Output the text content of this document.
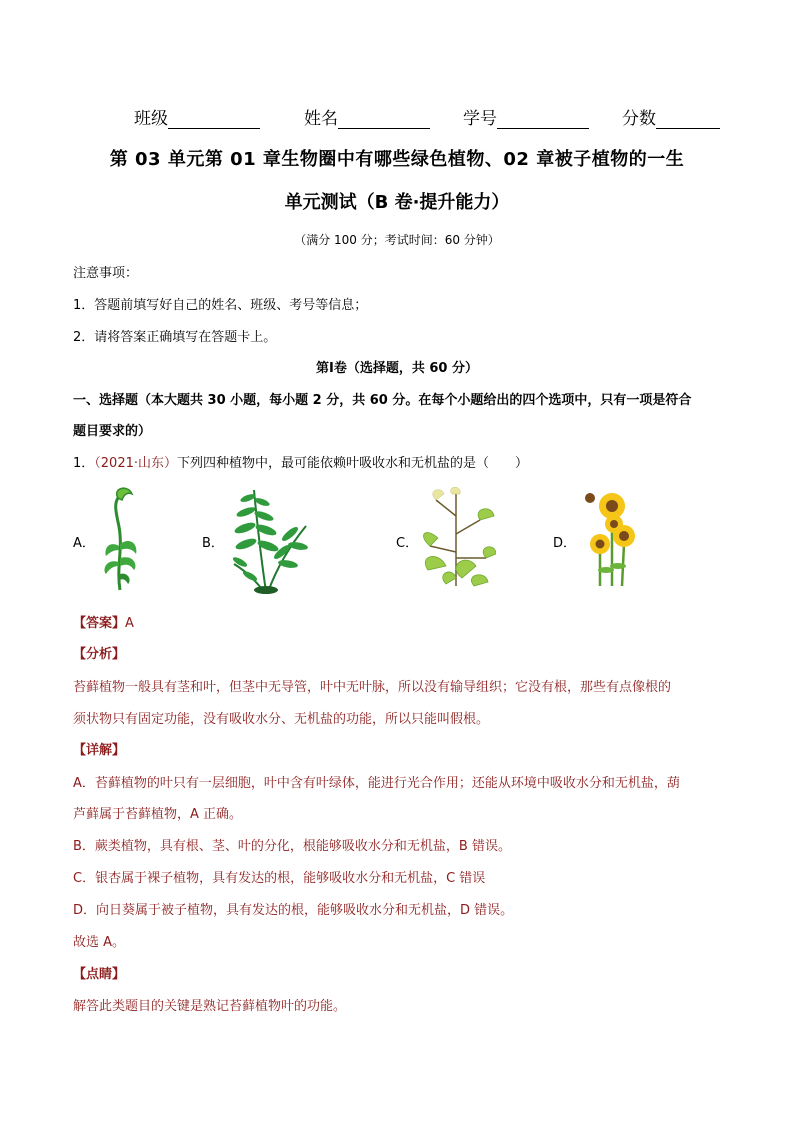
班级	姓名	学号	分数
第 03 单元第 01 章生物圈中有哪些绿色植物、02 章被子植物的一生
单元测试（B 卷·提升能力）
（满分 100 分；考试时间：60 分钟）
注意事项：
1．答题前填写好自己的姓名、班级、考号等信息；
2．请将答案正确填写在答题卡上。
第Ⅰ卷（选择题，共 60 分）
一、选择题（本大题共 30 小题，每小题 2 分，共 60 分。在每个小题给出的四个选项中，只有一项是符合
题目要求的）
1．（2021·山东）下列四种植物中，最可能依赖叶吸收水和无机盐的是（　　）
A．	B．	C．	D．
【答案】A
【分析】
苔藓植物一般具有茎和叶，但茎中无导管，叶中无叶脉，所以没有输导组织；它没有根，那些有点像根的
须状物只有固定功能，没有吸收水分、无机盐的功能，所以只能叫假根。
【详解】
A．苔藓植物的叶只有一层细胞，叶中含有叶绿体，能进行光合作用；还能从环境中吸收水分和无机盐，葫
芦藓属于苔藓植物，A 正确。
B．蕨类植物，具有根、茎、叶的分化，根能够吸收水分和无机盐，B 错误。
C．银杏属于裸子植物，具有发达的根，能够吸收水分和无机盐，C 错误
D．向日葵属于被子植物，具有发达的根，能够吸收水分和无机盐，D 错误。
故选 A。
【点睛】
解答此类题目的关键是熟记苔藓植物叶的功能。
